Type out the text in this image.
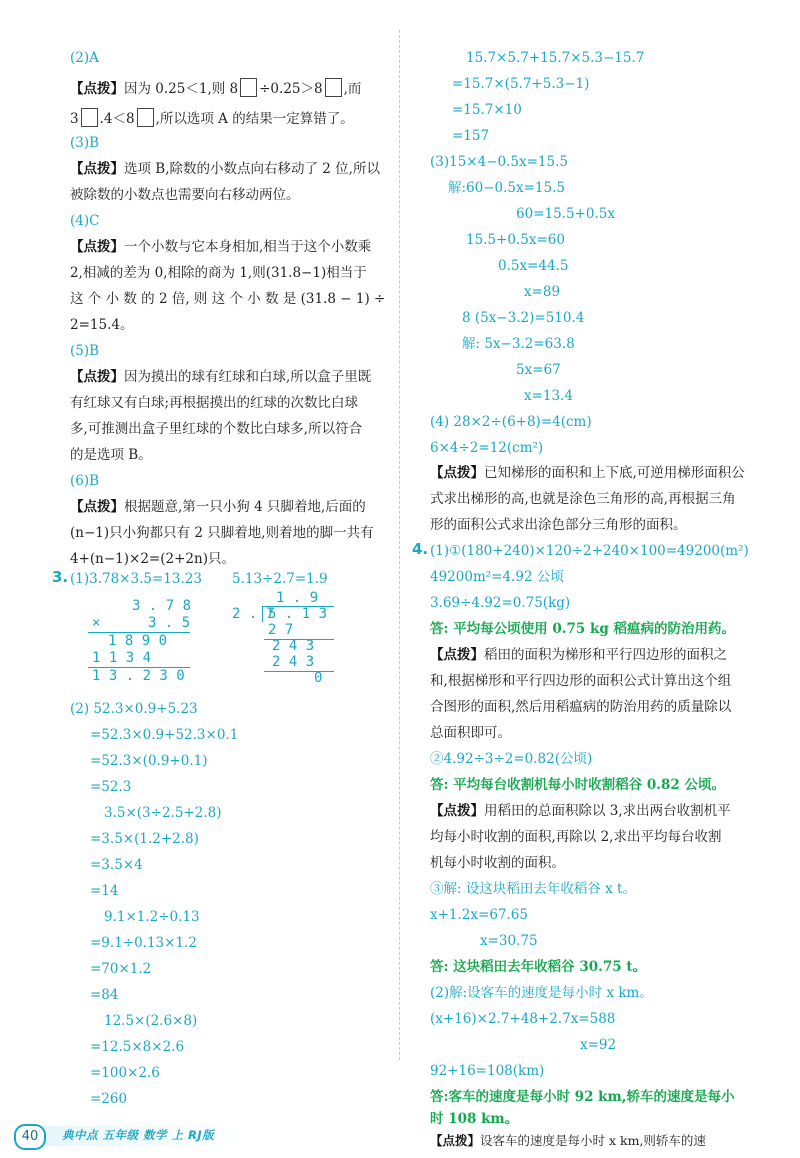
(2)A
【点拨】因为 0.25＜1,则 8 ÷0.25＞8 ,而
3 .4＜8 ,所以选项 A 的结果一定算错了。
(3)B
【点拨】选项 B,除数的小数点向右移动了 2 位,所以
被除数的小数点也需要向右移动两位。
(4)C
【点拨】一个小数与它本身相加,相当于这个小数乘
2,相减的差为 0,相除的商为 1,则(31.8−1)相当于
这 个 小 数 的 2 倍, 则 这 个 小 数 是 (31.8 − 1) ÷
2=15.4。
(5)B
【点拨】因为摸出的球有红球和白球,所以盒子里既
有红球又有白球;再根据摸出的红球的次数比白球
多,可推测出盒子里红球的个数比白球多,所以符合
的是选项 B。
(6)B
【点拨】根据题意,第一只小狗 4 只脚着地,后面的
(n−1)只小狗都只有 2 只脚着地,则着地的脚一共有
4+(n−1)×2=(2+2n)只。
3. (1)3.78×3.5=13.23 5.13÷2.7=1.9
3 . 7 8
×	3 . 5
1 8 9 0
1 1 3 4
1 3 . 2 3 0
1 . 9
2 . 7
5 . 1 3
2 7
2 4 3
2 4 3
0
(2) 52.3×0.9+5.23
=52.3×0.9+52.3×0.1
=52.3×(0.9+0.1)
=52.3
3.5×(3÷2.5+2.8)
=3.5×(1.2+2.8)
=3.5×4
=14
9.1×1.2÷0.13
=9.1÷0.13×1.2
=70×1.2
=84
12.5×(2.6×8)
=12.5×8×2.6
=100×2.6
=260
15.7×5.7+15.7×5.3−15.7
=15.7×(5.7+5.3−1)
=15.7×10
=157
(3)15×4−0.5x=15.5
解:60−0.5x=15.5
60=15.5+0.5x
15.5+0.5x=60
0.5x=44.5
x=89
8 (5x−3.2)=510.4
解: 5x−3.2=63.8
5x=67
x=13.4
(4) 28×2÷(6+8)=4(cm)
6×4÷2=12(cm²)
【点拨】已知梯形的面积和上下底,可逆用梯形面积公
式求出梯形的高,也就是涂色三角形的高,再根据三角
形的面积公式求出涂色部分三角形的面积。
4. (1)①(180+240)×120÷2+240×100=49200(m²)
49200m²=4.92 公顷
3.69÷4.92=0.75(kg)
答: 平均每公顷使用 0.75 kg 稻瘟病的防治用药。
【点拨】稻田的面积为梯形和平行四边形的面积之
和,根据梯形和平行四边形的面积公式计算出这个组
合图形的面积,然后用稻瘟病的防治用药的质量除以
总面积即可。
②4.92÷3÷2=0.82(公顷)
答: 平均每台收割机每小时收割稻谷 0.82 公顷。
【点拨】用稻田的总面积除以 3,求出两台收割机平
均每小时收割的面积,再除以 2,求出平均每台收割
机每小时收割的面积。
③解: 设这块稻田去年收稻谷 x t。
x+1.2x=67.65
x=30.75
答: 这块稻田去年收稻谷 30.75 t。
(2)解:设客车的速度是每小时 x km。
(x+16)×2.7+48+2.7x=588
x=92
92+16=108(km)
答:客车的速度是每小时 92 km,轿车的速度是每小
时 108 km。
【点拨】设客车的速度是每小时 x km,则轿车的速
40	典中点 五年级 数学 上 RJ版
